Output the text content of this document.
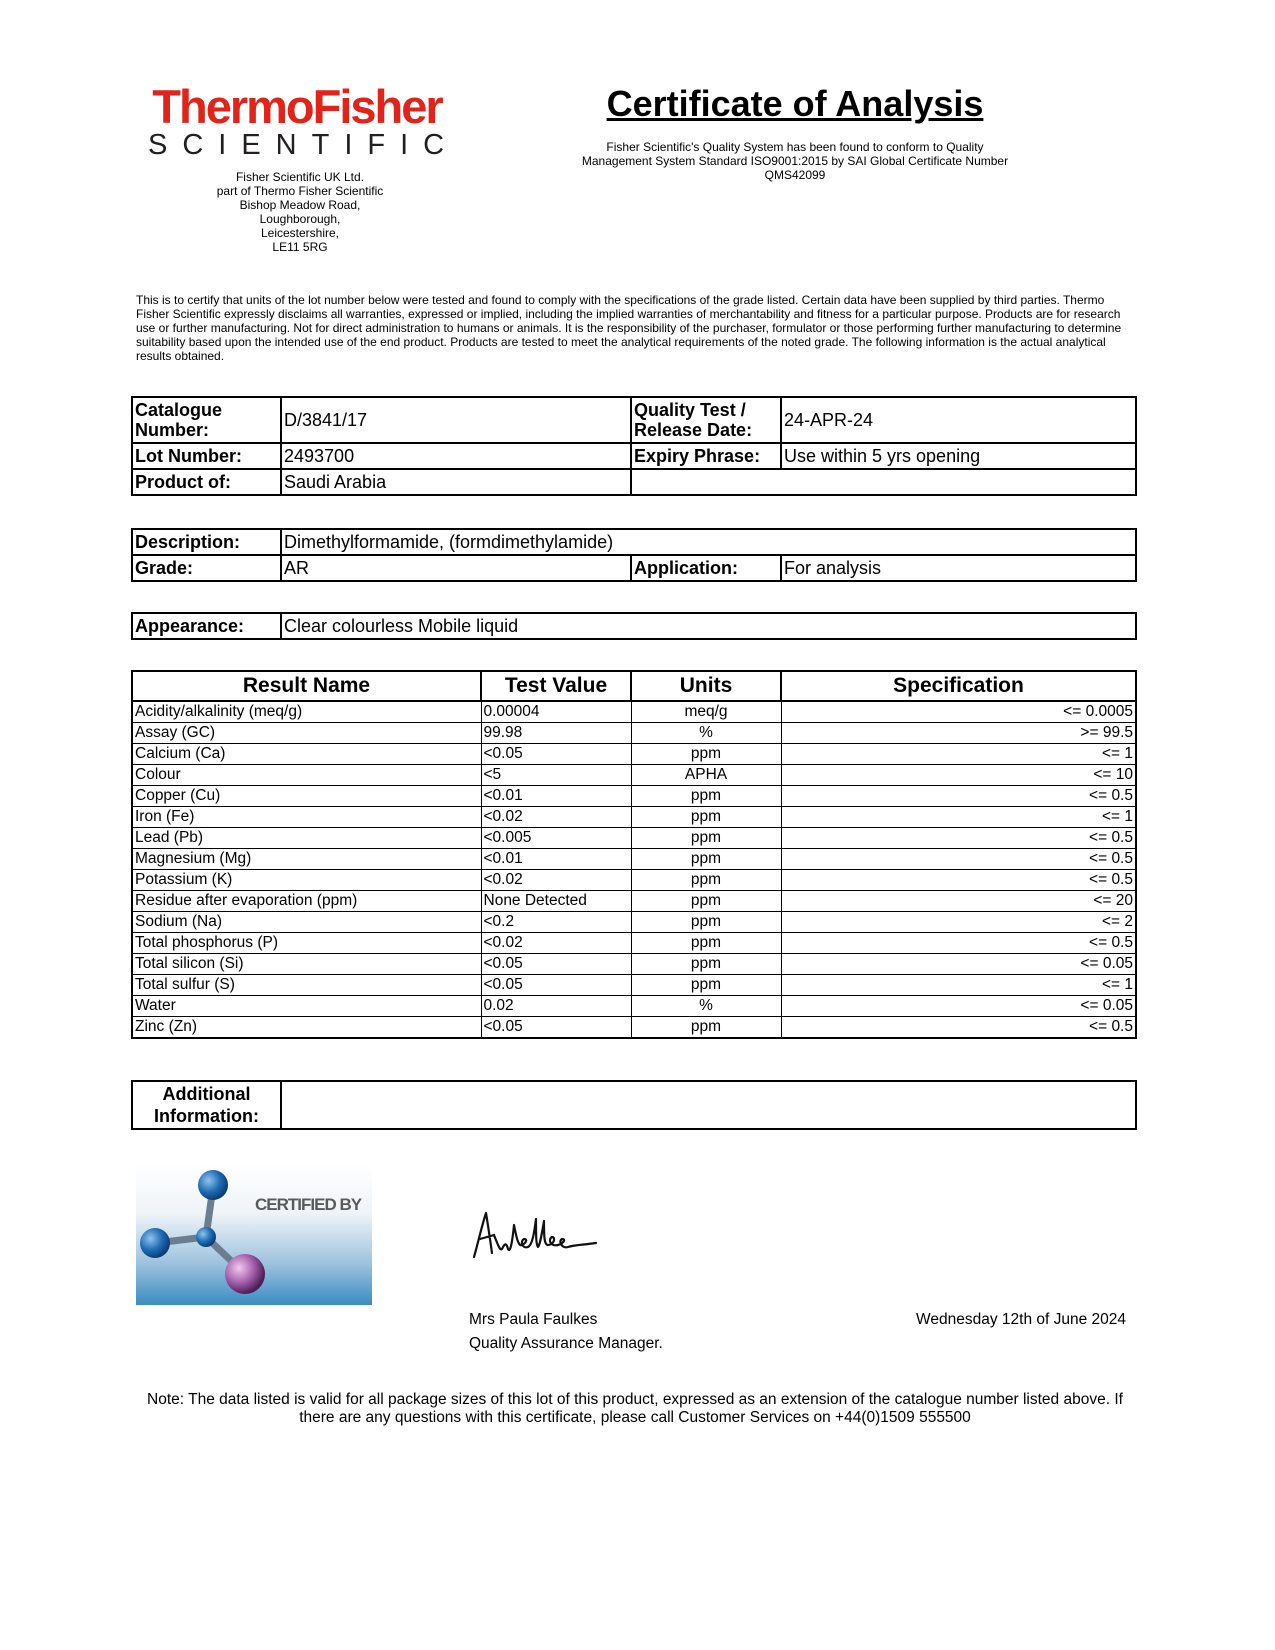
ThermoFisher
SCIENTIFIC
Fisher Scientific UK Ltd.
part of Thermo Fisher Scientific
Bishop Meadow Road,
Loughborough,
Leicestershire,
LE11 5RG
Certificate of Analysis
Fisher Scientific's Quality System has been found to conform to Quality
Management System Standard ISO9001:2015 by SAI Global Certificate Number
QMS42099
This is to certify that units of the lot number below were tested and found to comply with the specifications of the grade listed. Certain data have been supplied by third parties. Thermo Fisher Scientific expressly disclaims all warranties, expressed or implied, including the implied warranties of merchantability and fitness for a particular purpose. Products are for research use or further manufacturing. Not for direct administration to humans or animals. It is the responsibility of the purchaser, formulator or those performing further manufacturing to determine suitability based upon the intended use of the end product. Products are tested to meet the analytical requirements of the noted grade. The following information is the actual analytical results obtained.
Catalogue Number:	D/3841/17	Quality Test / Release Date:	24-APR-24
Lot Number:	2493700	Expiry Phrase:	Use within 5 yrs opening
Product of:	Saudi Arabia		
Description:	Dimethylformamide, (formdimethylamide)		
Grade:	AR	Application:	For analysis
Appearance:	Clear colourless Mobile liquid
Result Name	Test Value	Units	Specification
Acidity/alkalinity (meq/g)	0.00004	meq/g	<= 0.0005
Assay (GC)	99.98	%	>= 99.5
Calcium (Ca)	<0.05	ppm	<= 1
Colour	<5	APHA	<= 10
Copper (Cu)	<0.01	ppm	<= 0.5
Iron (Fe)	<0.02	ppm	<= 1
Lead (Pb)	<0.005	ppm	<= 0.5
Magnesium (Mg)	<0.01	ppm	<= 0.5
Potassium (K)	<0.02	ppm	<= 0.5
Residue after evaporation (ppm)	None Detected	ppm	<= 20
Sodium (Na)	<0.2	ppm	<= 2
Total phosphorus (P)	<0.02	ppm	<= 0.5
Total silicon (Si)	<0.05	ppm	<= 0.05
Total sulfur (S)	<0.05	ppm	<= 1
Water	0.02	%	<= 0.05
Zinc (Zn)	<0.05	ppm	<= 0.5
Additional Information:	
CERTIFIED BY
Mrs Paula Faulkes
Quality Assurance Manager.
Wednesday 12th of June 2024
Note: The data listed is valid for all package sizes of this lot of this product, expressed as an extension of the catalogue number listed above. If there are any questions with this certificate, please call Customer Services on +44(0)1509 555500
